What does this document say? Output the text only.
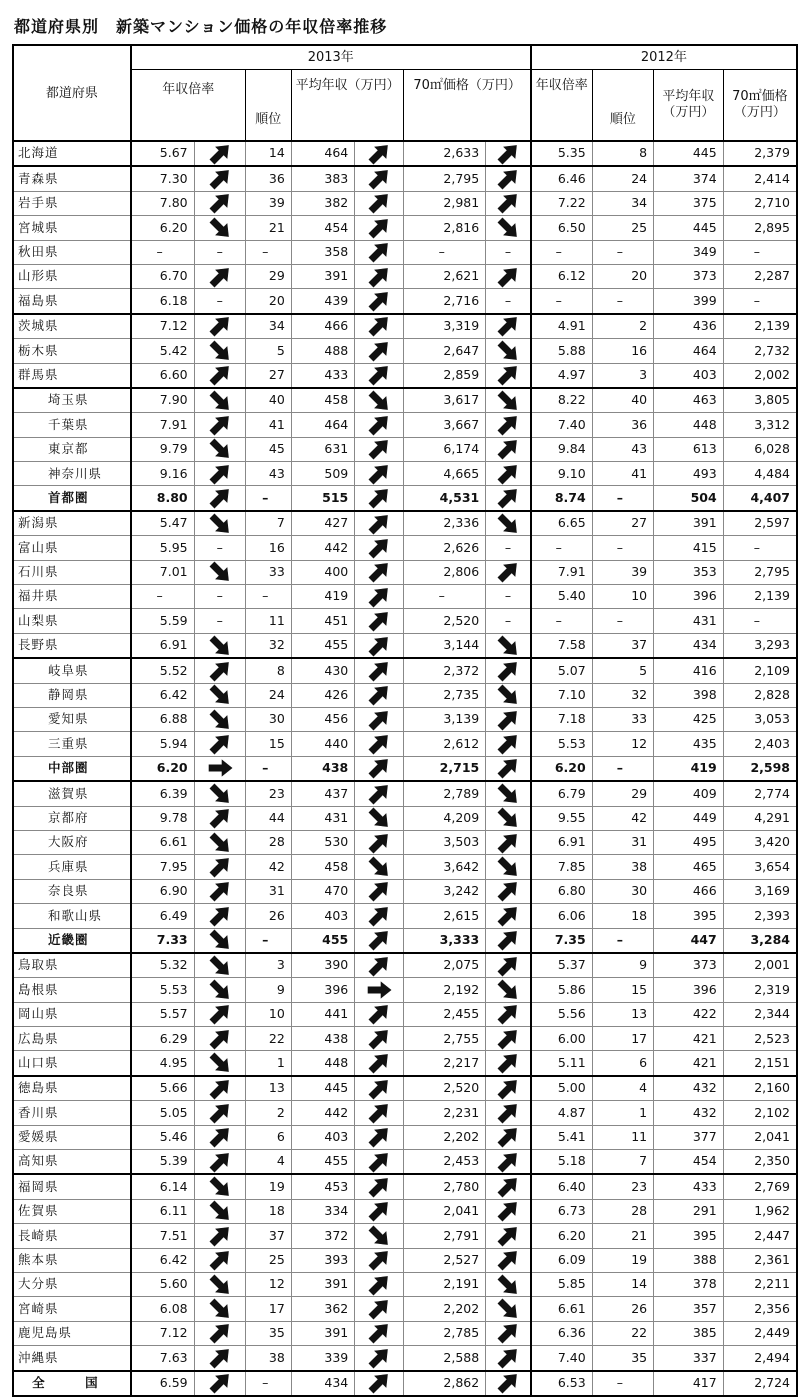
都道府県別　新築マンション価格の年収倍率推移
都道府県	2013年							2012年			
	年収倍率		順位	平均年収（万円）		70㎡価格（万円）		年収倍率	順位	平均年収（万円）	70㎡価格（万円）
北海道	5.67		14	464		2,633		5.35	8	445	2,379
青森県	7.30		36	383		2,795		6.46	24	374	2,414
岩手県	7.80		39	382		2,981		7.22	34	375	2,710
宮城県	6.20		21	454		2,816		6.50	25	445	2,895
秋田県	–	–	–	358		–	–	–	–	349	–
山形県	6.70		29	391		2,621		6.12	20	373	2,287
福島県	6.18	–	20	439		2,716	–	–	–	399	–
茨城県	7.12		34	466		3,319		4.91	2	436	2,139
栃木県	5.42		5	488		2,647		5.88	16	464	2,732
群馬県	6.60		27	433		2,859		4.97	3	403	2,002
埼玉県	7.90		40	458		3,617		8.22	40	463	3,805
千葉県	7.91		41	464		3,667		7.40	36	448	3,312
東京都	9.79		45	631		6,174		9.84	43	613	6,028
神奈川県	9.16		43	509		4,665		9.10	41	493	4,484
首都圏	8.80		–	515		4,531		8.74	–	504	4,407
新潟県	5.47		7	427		2,336		6.65	27	391	2,597
富山県	5.95	–	16	442		2,626	–	–	–	415	–
石川県	7.01		33	400		2,806		7.91	39	353	2,795
福井県	–	–	–	419		–	–	5.40	10	396	2,139
山梨県	5.59	–	11	451		2,520	–	–	–	431	–
長野県	6.91		32	455		3,144		7.58	37	434	3,293
岐阜県	5.52		8	430		2,372		5.07	5	416	2,109
静岡県	6.42		24	426		2,735		7.10	32	398	2,828
愛知県	6.88		30	456		3,139		7.18	33	425	3,053
三重県	5.94		15	440		2,612		5.53	12	435	2,403
中部圏	6.20		–	438		2,715		6.20	–	419	2,598
滋賀県	6.39		23	437		2,789		6.79	29	409	2,774
京都府	9.78		44	431		4,209		9.55	42	449	4,291
大阪府	6.61		28	530		3,503		6.91	31	495	3,420
兵庫県	7.95		42	458		3,642		7.85	38	465	3,654
奈良県	6.90		31	470		3,242		6.80	30	466	3,169
和歌山県	6.49		26	403		2,615		6.06	18	395	2,393
近畿圏	7.33		–	455		3,333		7.35	–	447	3,284
鳥取県	5.32		3	390		2,075		5.37	9	373	2,001
島根県	5.53		9	396		2,192		5.86	15	396	2,319
岡山県	5.57		10	441		2,455		5.56	13	422	2,344
広島県	6.29		22	438		2,755		6.00	17	421	2,523
山口県	4.95		1	448		2,217		5.11	6	421	2,151
徳島県	5.66		13	445		2,520		5.00	4	432	2,160
香川県	5.05		2	442		2,231		4.87	1	432	2,102
愛媛県	5.46		6	403		2,202		5.41	11	377	2,041
高知県	5.39		4	455		2,453		5.18	7	454	2,350
福岡県	6.14		19	453		2,780		6.40	23	433	2,769
佐賀県	6.11		18	334		2,041		6.73	28	291	1,962
長崎県	7.51		37	372		2,791		6.20	21	395	2,447
熊本県	6.42		25	393		2,527		6.09	19	388	2,361
大分県	5.60		12	391		2,191		5.85	14	378	2,211
宮崎県	6.08		17	362		2,202		6.61	26	357	2,356
鹿児島県	7.12		35	391		2,785		6.36	22	385	2,449
沖縄県	7.63		38	339		2,588		7.40	35	337	2,494
全　国	6.59		–	434		2,862		6.53	–	417	2,724
